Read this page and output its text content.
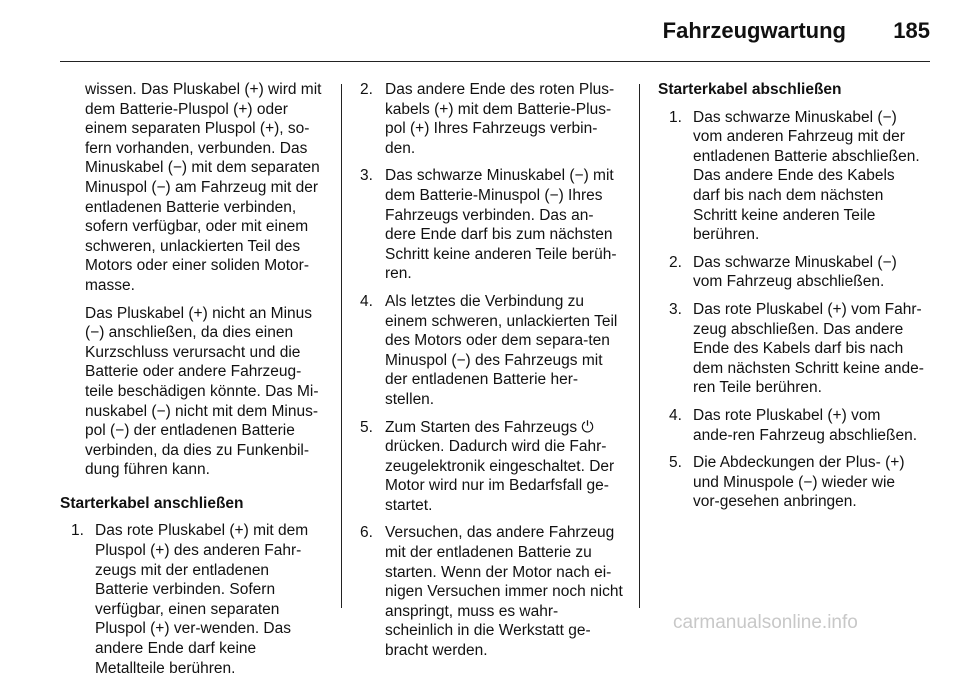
Fahrzeugwartung 185

wissen. Das Pluskabel (+) wird mit dem Batterie-Pluspol (+) oder einem separaten Pluspol (+), so-fern vorhanden, verbunden. Das Minuskabel (−) mit dem separaten Minuspol (−) am Fahrzeug mit der entladenen Batterie verbinden, sofern verfügbar, oder mit einem schweren, unlackierten Teil des Motors oder einer soliden Motor-masse.

Das Pluskabel (+) nicht an Minus (−) anschließen, da dies einen Kurzschluss verursacht und die Batterie oder andere Fahrzeug-teile beschädigen könnte. Das Mi-nuskabel (−) nicht mit dem Minus-pol (−) der entladenen Batterie verbinden, da dies zu Funkenbil-dung führen kann.

Starterkabel anschließen

1. Das rote Pluskabel (+) mit dem Pluspol (+) des anderen Fahr-zeugs mit der entladenen Batterie verbinden. Sofern verfügbar, einen separaten Pluspol (+) ver-wenden. Das andere Ende darf keine Metallteile berühren.
2. Das andere Ende des roten Plus-kabels (+) mit dem Batterie-Plus-pol (+) Ihres Fahrzeugs verbin-den.
3. Das schwarze Minuskabel (−) mit dem Batterie-Minuspol (−) Ihres Fahrzeugs verbinden. Das an-dere Ende darf bis zum nächsten Schritt keine anderen Teile berüh-ren.
4. Als letztes die Verbindung zu einem schweren, unlackierten Teil des Motors oder dem separa-ten Minuspol (−) des Fahrzeugs mit der entladenen Batterie her-stellen.
5. Zum Starten des Fahrzeugs ⏻ drücken. Dadurch wird die Fahr-zeugelektronik eingeschaltet. Der Motor wird nur im Bedarfsfall ge-startet.
6. Versuchen, das andere Fahrzeug mit der entladenen Batterie zu starten. Wenn der Motor nach ei-nigen Versuchen immer noch nicht anspringt, muss es wahr-scheinlich in die Werkstatt ge-bracht werden.

Starterkabel abschließen

1. Das schwarze Minuskabel (−) vom anderen Fahrzeug mit der entladenen Batterie abschließen. Das andere Ende des Kabels darf bis nach dem nächsten Schritt keine anderen Teile berühren.
2. Das schwarze Minuskabel (−) vom Fahrzeug abschließen.
3. Das rote Pluskabel (+) vom Fahr-zeug abschließen. Das andere Ende des Kabels darf bis nach dem nächsten Schritt keine ande-ren Teile berühren.
4. Das rote Pluskabel (+) vom ande-ren Fahrzeug abschließen.
5. Die Abdeckungen der Plus- (+) und Minuspole (−) wieder wie vor-gesehen anbringen.
carmanualsonline.info
